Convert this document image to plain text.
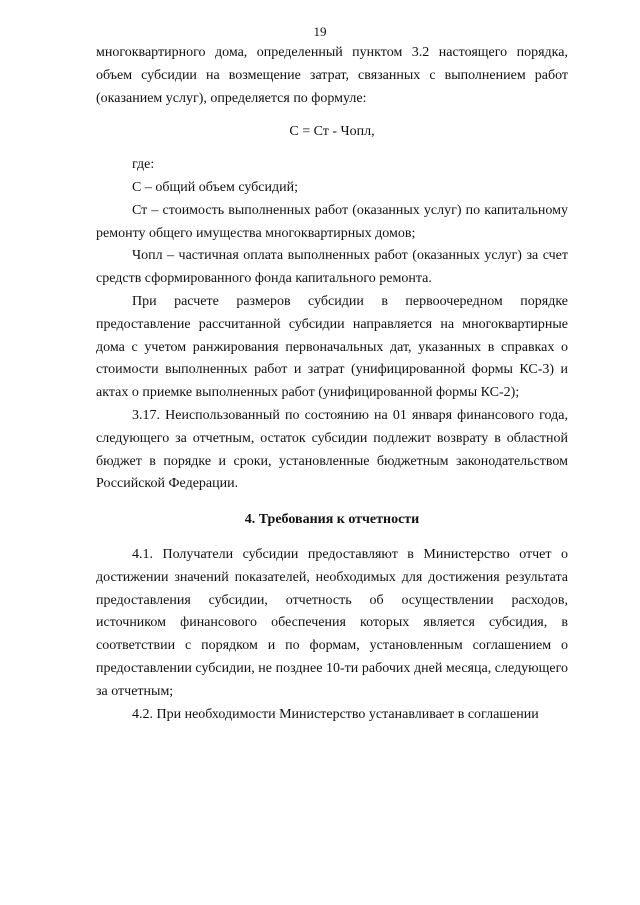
19

многоквартирного дома, определенный пунктом 3.2 настоящего порядка, объем субсидии на возмещение затрат, связанных с выполнением работ (оказанием услуг), определяется по формуле:

С = Ст - Чопл,

где:

С – общий объем субсидий;

Ст – стоимость выполненных работ (оказанных услуг) по капитальному ремонту общего имущества многоквартирных домов;

Чопл – частичная оплата выполненных работ (оказанных услуг) за счет средств сформированного фонда капитального ремонта.

При расчете размеров субсидии в первоочередном порядке предоставление рассчитанной субсидии направляется на многоквартирные дома с учетом ранжирования первоначальных дат, указанных в справках о стоимости выполненных работ и затрат (унифицированной формы КС-3) и актах о приемке выполненных работ (унифицированной формы КС-2);

3.17. Неиспользованный по состоянию на 01 января финансового года, следующего за отчетным, остаток субсидии подлежит возврату в областной бюджет в порядке и сроки, установленные бюджетным законодательством Российской Федерации.

4. Требования к отчетности

4.1. Получатели субсидии предоставляют в Министерство отчет о достижении значений показателей, необходимых для достижения результата предоставления субсидии, отчетность об осуществлении расходов, источником финансового обеспечения которых является субсидия, в соответствии с порядком и по формам, установленным соглашением о предоставлении субсидии, не позднее 10-ти рабочих дней месяца, следующего за отчетным;

4.2. При необходимости Министерство устанавливает в соглашении
